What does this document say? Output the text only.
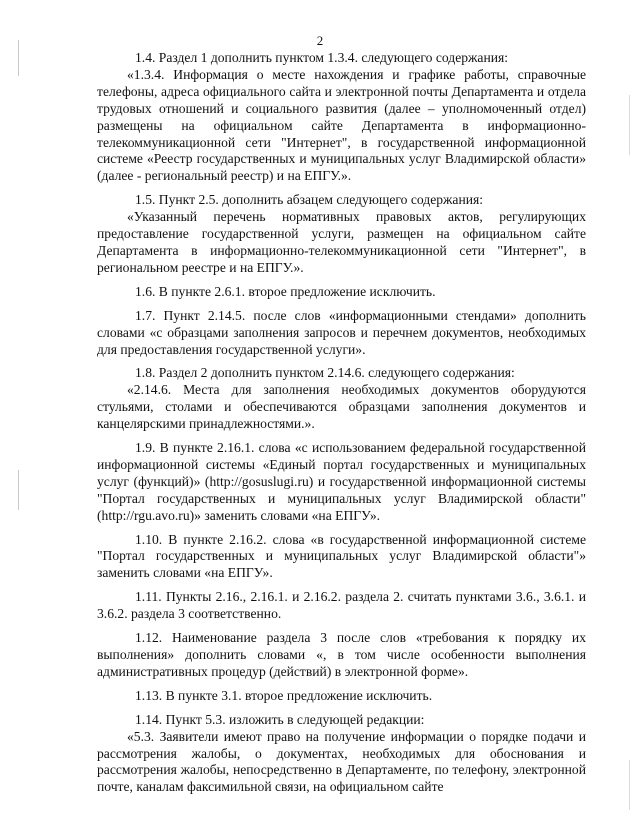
2

1.4. Раздел 1 дополнить пунктом 1.3.4. следующего содержания:

«1.3.4. Информация о месте нахождения и графике работы, справочные телефоны, адреса официального сайта и электронной почты Департамента и отдела трудовых отношений и социального развития (далее – уполномоченный отдел) размещены на официальном сайте Департамента в информационно-телекоммуникационной сети "Интернет", в государственной информационной системе «Реестр государственных и муниципальных услуг Владимирской области» (далее - региональный реестр) и на ЕПГУ.».

1.5. Пункт 2.5. дополнить абзацем следующего содержания:

«Указанный перечень нормативных правовых актов, регулирующих предоставление государственной услуги, размещен на официальном сайте Департамента в информационно-телекоммуникационной сети "Интернет", в региональном реестре и на ЕПГУ.».

1.6. В пункте 2.6.1. второе предложение исключить.

1.7. Пункт 2.14.5. после слов «информационными стендами» дополнить словами «с образцами заполнения запросов и перечнем документов, необходимых для предоставления государственной услуги».

1.8. Раздел 2 дополнить пунктом 2.14.6. следующего содержания:

«2.14.6. Места для заполнения необходимых документов оборудуются стульями, столами и обеспечиваются образцами заполнения документов и канцелярскими принадлежностями.».

1.9. В пункте 2.16.1. слова «с использованием федеральной государственной информационной системы «Единый портал государственных и муниципальных услуг (функций)» (http://gosuslugi.ru) и государственной информационной системы "Портал государственных и муниципальных услуг Владимирской области" (http://rgu.avo.ru)» заменить словами «на ЕПГУ».

1.10. В пункте 2.16.2. слова «в государственной информационной системе "Портал государственных и муниципальных услуг Владимирской области"» заменить словами «на ЕПГУ».

1.11. Пункты 2.16., 2.16.1. и 2.16.2. раздела 2. считать пунктами 3.6., 3.6.1. и 3.6.2. раздела 3 соответственно.

1.12. Наименование раздела 3 после слов «требования к порядку их выполнения» дополнить словами «, в том числе особенности выполнения административных процедур (действий) в электронной форме».

1.13. В пункте 3.1. второе предложение исключить.

1.14. Пункт 5.3. изложить в следующей редакции:

«5.3. Заявители имеют право на получение информации о порядке подачи и рассмотрения жалобы, о документах, необходимых для обоснования и рассмотрения жалобы, непосредственно в Департаменте, по телефону, электронной почте, каналам факсимильной связи, на официальном сайте
